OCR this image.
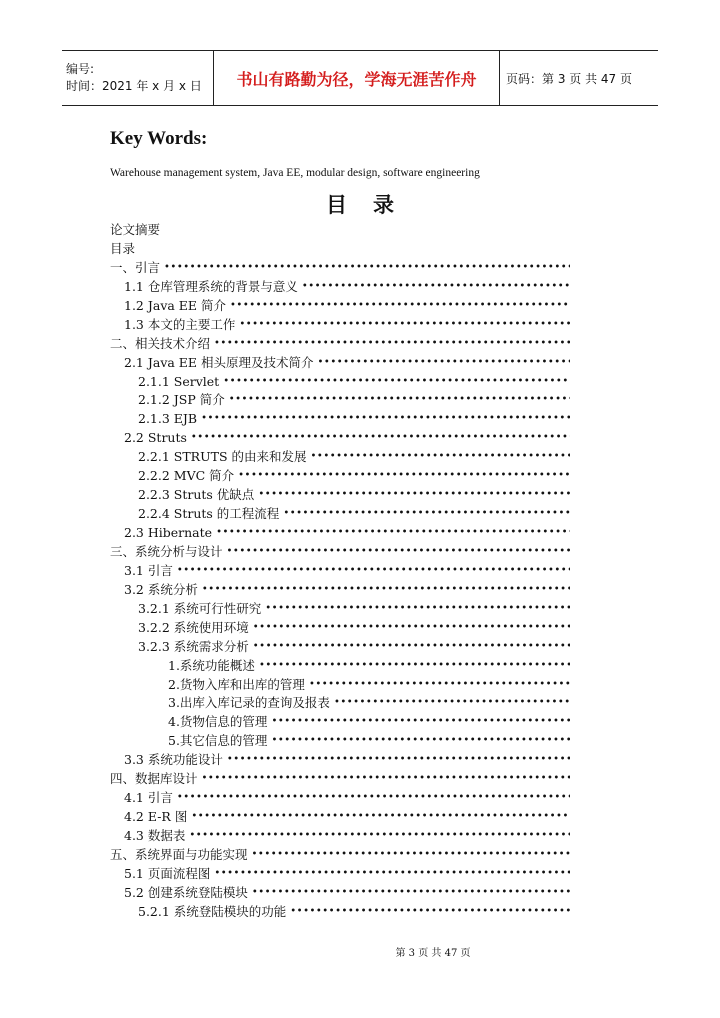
编号:
时间：2021 年 x 月 x 日	书山有路勤为径，学海无涯苦作舟	页码：第 3 页 共 47 页
Key Words:
Warehouse management system, Java EE, modular design, software engineering
目录
论文摘要
目录
一、引言
•••••
1.1 仓库管理系统的背景与意义
•••••
1.2 Java EE 简介
•••••
1.3 本文的主要工作
•••••
二、相关技术介绍
•••••
2.1 Java EE 相头原理及技术简介
•••••
2.1.1 Servlet
•••••
2.1.2 JSP 简介
•••••
2.1.3 EJB
•••••
2.2 Struts
•••••
2.2.1 STRUTS 的由来和发展
•••••
2.2.2 MVC 简介
•••••
2.2.3 Struts 优缺点
•••••
2.2.4 Struts 的工程流程
•••••
2.3 Hibernate
•••••
三、系统分析与设计
•••••
3.1 引言
•••••
3.2 系统分析
•••••
3.2.1 系统可行性研究
•••••
3.2.2 系统使用环境
•••••
3.2.3 系统需求分析
•••••
1.系统功能概述
•••••
2.货物入库和出库的管理
•••••
3.出库入库记录的查询及报表
•••••
4.货物信息的管理
•••••
5.其它信息的管理
•••••
3.3 系统功能设计
•••••
四、数据库设计
•••••
4.1 引言
•••••
4.2 E-R 图
•••••
4.3 数据表
•••••
五、系统界面与功能实现
•••••
5.1 页面流程图
•••••
5.2 创建系统登陆模块
•••••
5.2.1 系统登陆模块的功能
•••••
第 3 页 共 47 页
